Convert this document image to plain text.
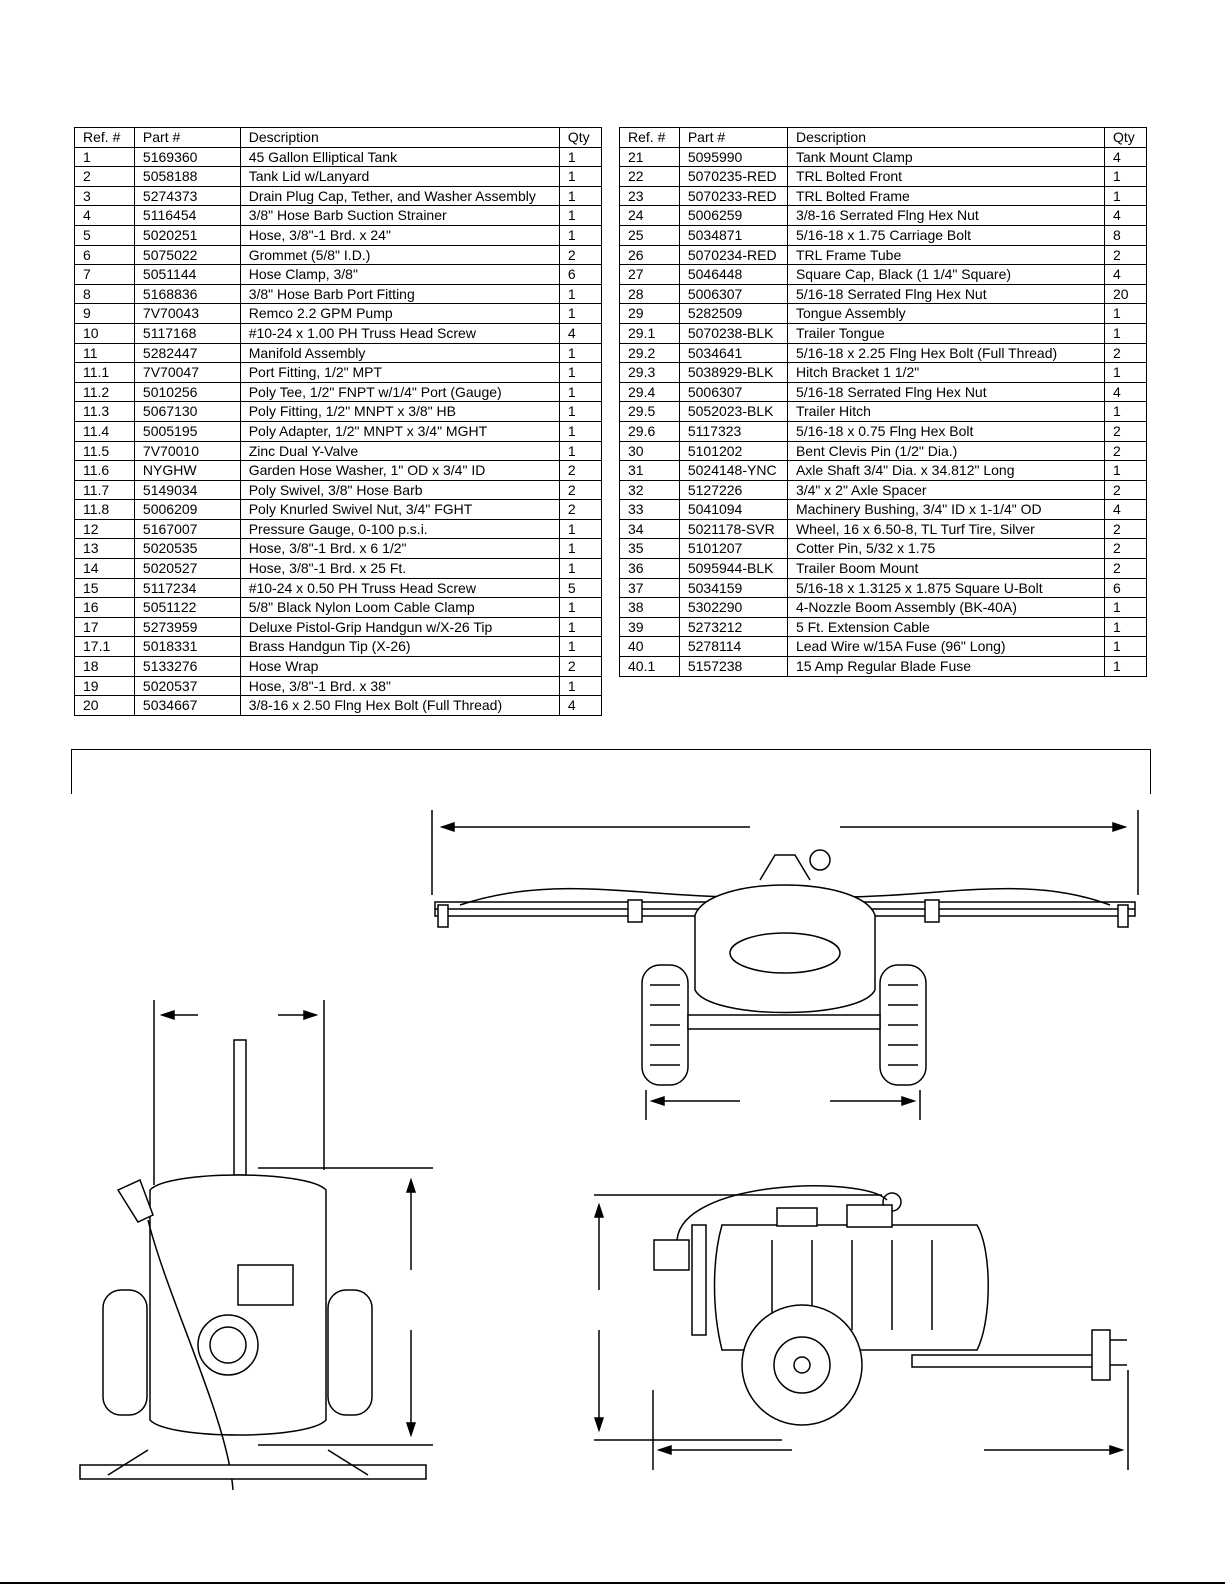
Ref. #	Part #	Description	Qty
1	5169360	45 Gallon Elliptical Tank	1
2	5058188	Tank Lid w/Lanyard	1
3	5274373	Drain Plug Cap, Tether, and Washer Assembly	1
4	5116454	3/8" Hose Barb Suction Strainer	1
5	5020251	Hose, 3/8"-1 Brd. x 24"	1
6	5075022	Grommet (5/8" I.D.)	2
7	5051144	Hose Clamp, 3/8"	6
8	5168836	3/8" Hose Barb Port Fitting	1
9	7V70043	Remco 2.2 GPM Pump	1
10	5117168	#10-24 x 1.00 PH Truss Head Screw	4
11	5282447	Manifold Assembly	1
11.1	7V70047	Port Fitting, 1/2" MPT	1
11.2	5010256	Poly Tee, 1/2" FNPT w/1/4" Port (Gauge)	1
11.3	5067130	Poly Fitting, 1/2" MNPT x 3/8" HB	1
11.4	5005195	Poly Adapter, 1/2" MNPT x 3/4" MGHT	1
11.5	7V70010	Zinc Dual Y-Valve	1
11.6	NYGHW	Garden Hose Washer, 1" OD x 3/4" ID	2
11.7	5149034	Poly Swivel, 3/8" Hose Barb	2
11.8	5006209	Poly Knurled Swivel Nut, 3/4" FGHT	2
12	5167007	Pressure Gauge, 0-100 p.s.i.	1
13	5020535	Hose, 3/8"-1 Brd. x 6 1/2"	1
14	5020527	Hose, 3/8"-1 Brd. x 25 Ft.	1
15	5117234	#10-24 x 0.50 PH Truss Head Screw	5
16	5051122	5/8" Black Nylon Loom Cable Clamp	1
17	5273959	Deluxe Pistol-Grip Handgun w/X-26 Tip	1
17.1	5018331	Brass Handgun Tip (X-26)	1
18	5133276	Hose Wrap	2
19	5020537	Hose, 3/8"-1 Brd. x 38"	1
20	5034667	3/8-16 x 2.50 Flng Hex Bolt (Full Thread)	4
Ref. #	Part #	Description	Qty
21	5095990	Tank Mount Clamp	4
22	5070235-RED	TRL Bolted Front	1
23	5070233-RED	TRL Bolted Frame	1
24	5006259	3/8-16 Serrated Flng Hex Nut	4
25	5034871	5/16-18 x 1.75 Carriage Bolt	8
26	5070234-RED	TRL Frame Tube	2
27	5046448	Square Cap, Black (1 1/4" Square)	4
28	5006307	5/16-18 Serrated Flng Hex Nut	20
29	5282509	Tongue Assembly	1
29.1	5070238-BLK	Trailer Tongue	1
29.2	5034641	5/16-18 x 2.25 Flng Hex Bolt (Full Thread)	2
29.3	5038929-BLK	Hitch Bracket 1 1/2"	1
29.4	5006307	5/16-18 Serrated Flng Hex Nut	4
29.5	5052023-BLK	Trailer Hitch	1
29.6	5117323	5/16-18 x 0.75 Flng Hex Bolt	2
30	5101202	Bent Clevis Pin (1/2" Dia.)	2
31	5024148-YNC	Axle Shaft 3/4" Dia. x 34.812" Long	1
32	5127226	3/4" x 2" Axle Spacer	2
33	5041094	Machinery Bushing, 3/4" ID x 1-1/4" OD	4
34	5021178-SVR	Wheel, 16 x 6.50-8, TL Turf Tire, Silver	2
35	5101207	Cotter Pin, 5/32 x 1.75	2
36	5095944-BLK	Trailer Boom Mount	2
37	5034159	5/16-18 x 1.3125 x 1.875 Square U-Bolt	6
38	5302290	4-Nozzle Boom Assembly (BK-40A)	1
39	5273212	5 Ft. Extension Cable	1
40	5278114	Lead Wire w/15A Fuse (96" Long)	1
40.1	5157238	15 Amp Regular Blade Fuse	1
